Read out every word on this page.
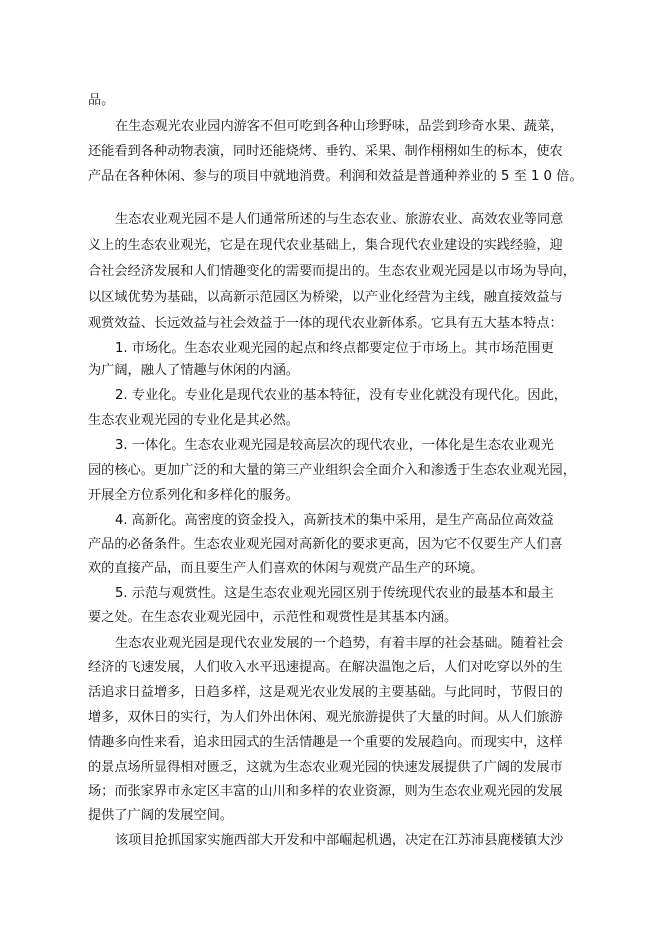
品。
在生态观光农业园内游客不但可吃到各种山珍野味，品尝到珍奇水果、蔬菜，
还能看到各种动物表演，同时还能烧烤、垂钓、采果、制作栩栩如生的标本，使农
产品在各种休闲、参与的项目中就地消费。利润和效益是普通种养业的 5 至 1 0 倍。
生态农业观光园不是人们通常所述的与生态农业、旅游农业、高效农业等同意
义上的生态农业观光，它是在现代农业基础上，集合现代农业建设的实践经验，迎
合社会经济发展和人们情趣变化的需要而提出的。生态农业观光园是以市场为导向，
以区域优势为基础，以高新示范园区为桥梁，以产业化经营为主线，融直接效益与
观赏效益、长远效益与社会效益于一体的现代农业新体系。它具有五大基本特点：
1. 市场化。生态农业观光园的起点和终点都要定位于市场上。其市场范围更
为广阔，融人了情趣与休闲的内涵。
2. 专业化。专业化是现代农业的基本特征，没有专业化就没有现代化。因此，
生态农业观光园的专业化是其必然。
3. 一体化。生态农业观光园是较高层次的现代农业，一体化是生态农业观光
园的核心。更加广泛的和大量的第三产业组织会全面介入和渗透于生态农业观光园，
开展全方位系列化和多样化的服务。
4. 高新化。高密度的资金投入，高新技术的集中采用，是生产高品位高效益
产品的必备条件。生态农业观光园对高新化的要求更高，因为它不仅要生产人们喜
欢的直接产品，而且要生产人们喜欢的休闲与观赏产品生产的环境。
5. 示范与观赏性。这是生态农业观光园区别于传统现代农业的最基本和最主
要之处。在生态农业观光园中，示范性和观赏性是其基本内涵。
生态农业观光园是现代农业发展的一个趋势，有着丰厚的社会基础。随着社会
经济的飞速发展，人们收入水平迅速提高。在解决温饱之后，人们对吃穿以外的生
活追求日益增多，日趋多样，这是观光农业发展的主要基础。与此同时，节假日的
增多，双休日的实行，为人们外出休闲、观光旅游提供了大量的时间。从人们旅游
情趣多向性来看，追求田园式的生活情趣是一个重要的发展趋向。而现实中，这样
的景点场所显得相对匮乏，这就为生态农业观光园的快速发展提供了广阔的发展市
场；而张家界市永定区丰富的山川和多样的农业资源，则为生态农业观光园的发展
提供了广阔的发展空间。
该项目抢抓国家实施西部大开发和中部崛起机遇，决定在江苏沛县鹿楼镇大沙
